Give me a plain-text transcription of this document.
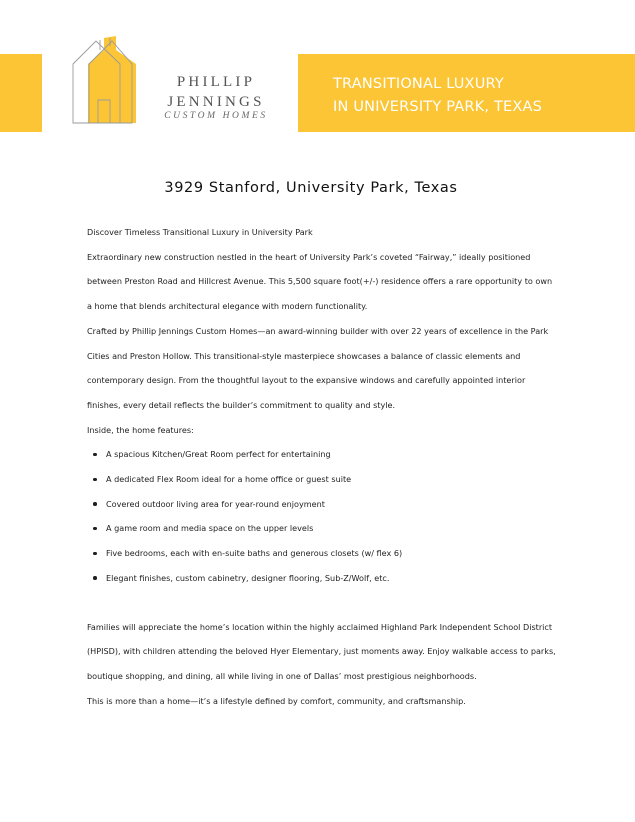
PHILLIP
JENNINGS

CUSTOM HOMES

TRANSITIONAL LUXURY
IN UNIVERSITY PARK, TEXAS

3929 Stanford, University Park, Texas

Discover Timeless Transitional Luxury in University Park

Extraordinary new construction nestled in the heart of University Park’s coveted “Fairway,” ideally positioned between Preston Road and Hillcrest Avenue. This 5,500 square foot(+/-) residence offers a rare opportunity to own a home that blends architectural elegance with modern functionality.

Crafted by Phillip Jennings Custom Homes—an award-winning builder with over 22 years of excellence in the Park Cities and Preston Hollow. This transitional-style masterpiece showcases a balance of classic elements and contemporary design. From the thoughtful layout to the expansive windows and carefully appointed interior finishes, every detail reflects the builder’s commitment to quality and style.

Inside, the home features:

A spacious Kitchen/Great Room perfect for entertaining
A dedicated Flex Room ideal for a home office or guest suite
Covered outdoor living area for year-round enjoyment
A game room and media space on the upper levels
Five bedrooms, each with en-suite baths and generous closets (w/ flex 6)
Elegant finishes, custom cabinetry, designer flooring, Sub-Z/Wolf, etc.

Families will appreciate the home’s location within the highly acclaimed Highland Park Independent School District (HPISD), with children attending the beloved Hyer Elementary, just moments away. Enjoy walkable access to parks, boutique shopping, and dining, all while living in one of Dallas’ most prestigious neighborhoods.

This is more than a home—it’s a lifestyle defined by comfort, community, and craftsmanship.
